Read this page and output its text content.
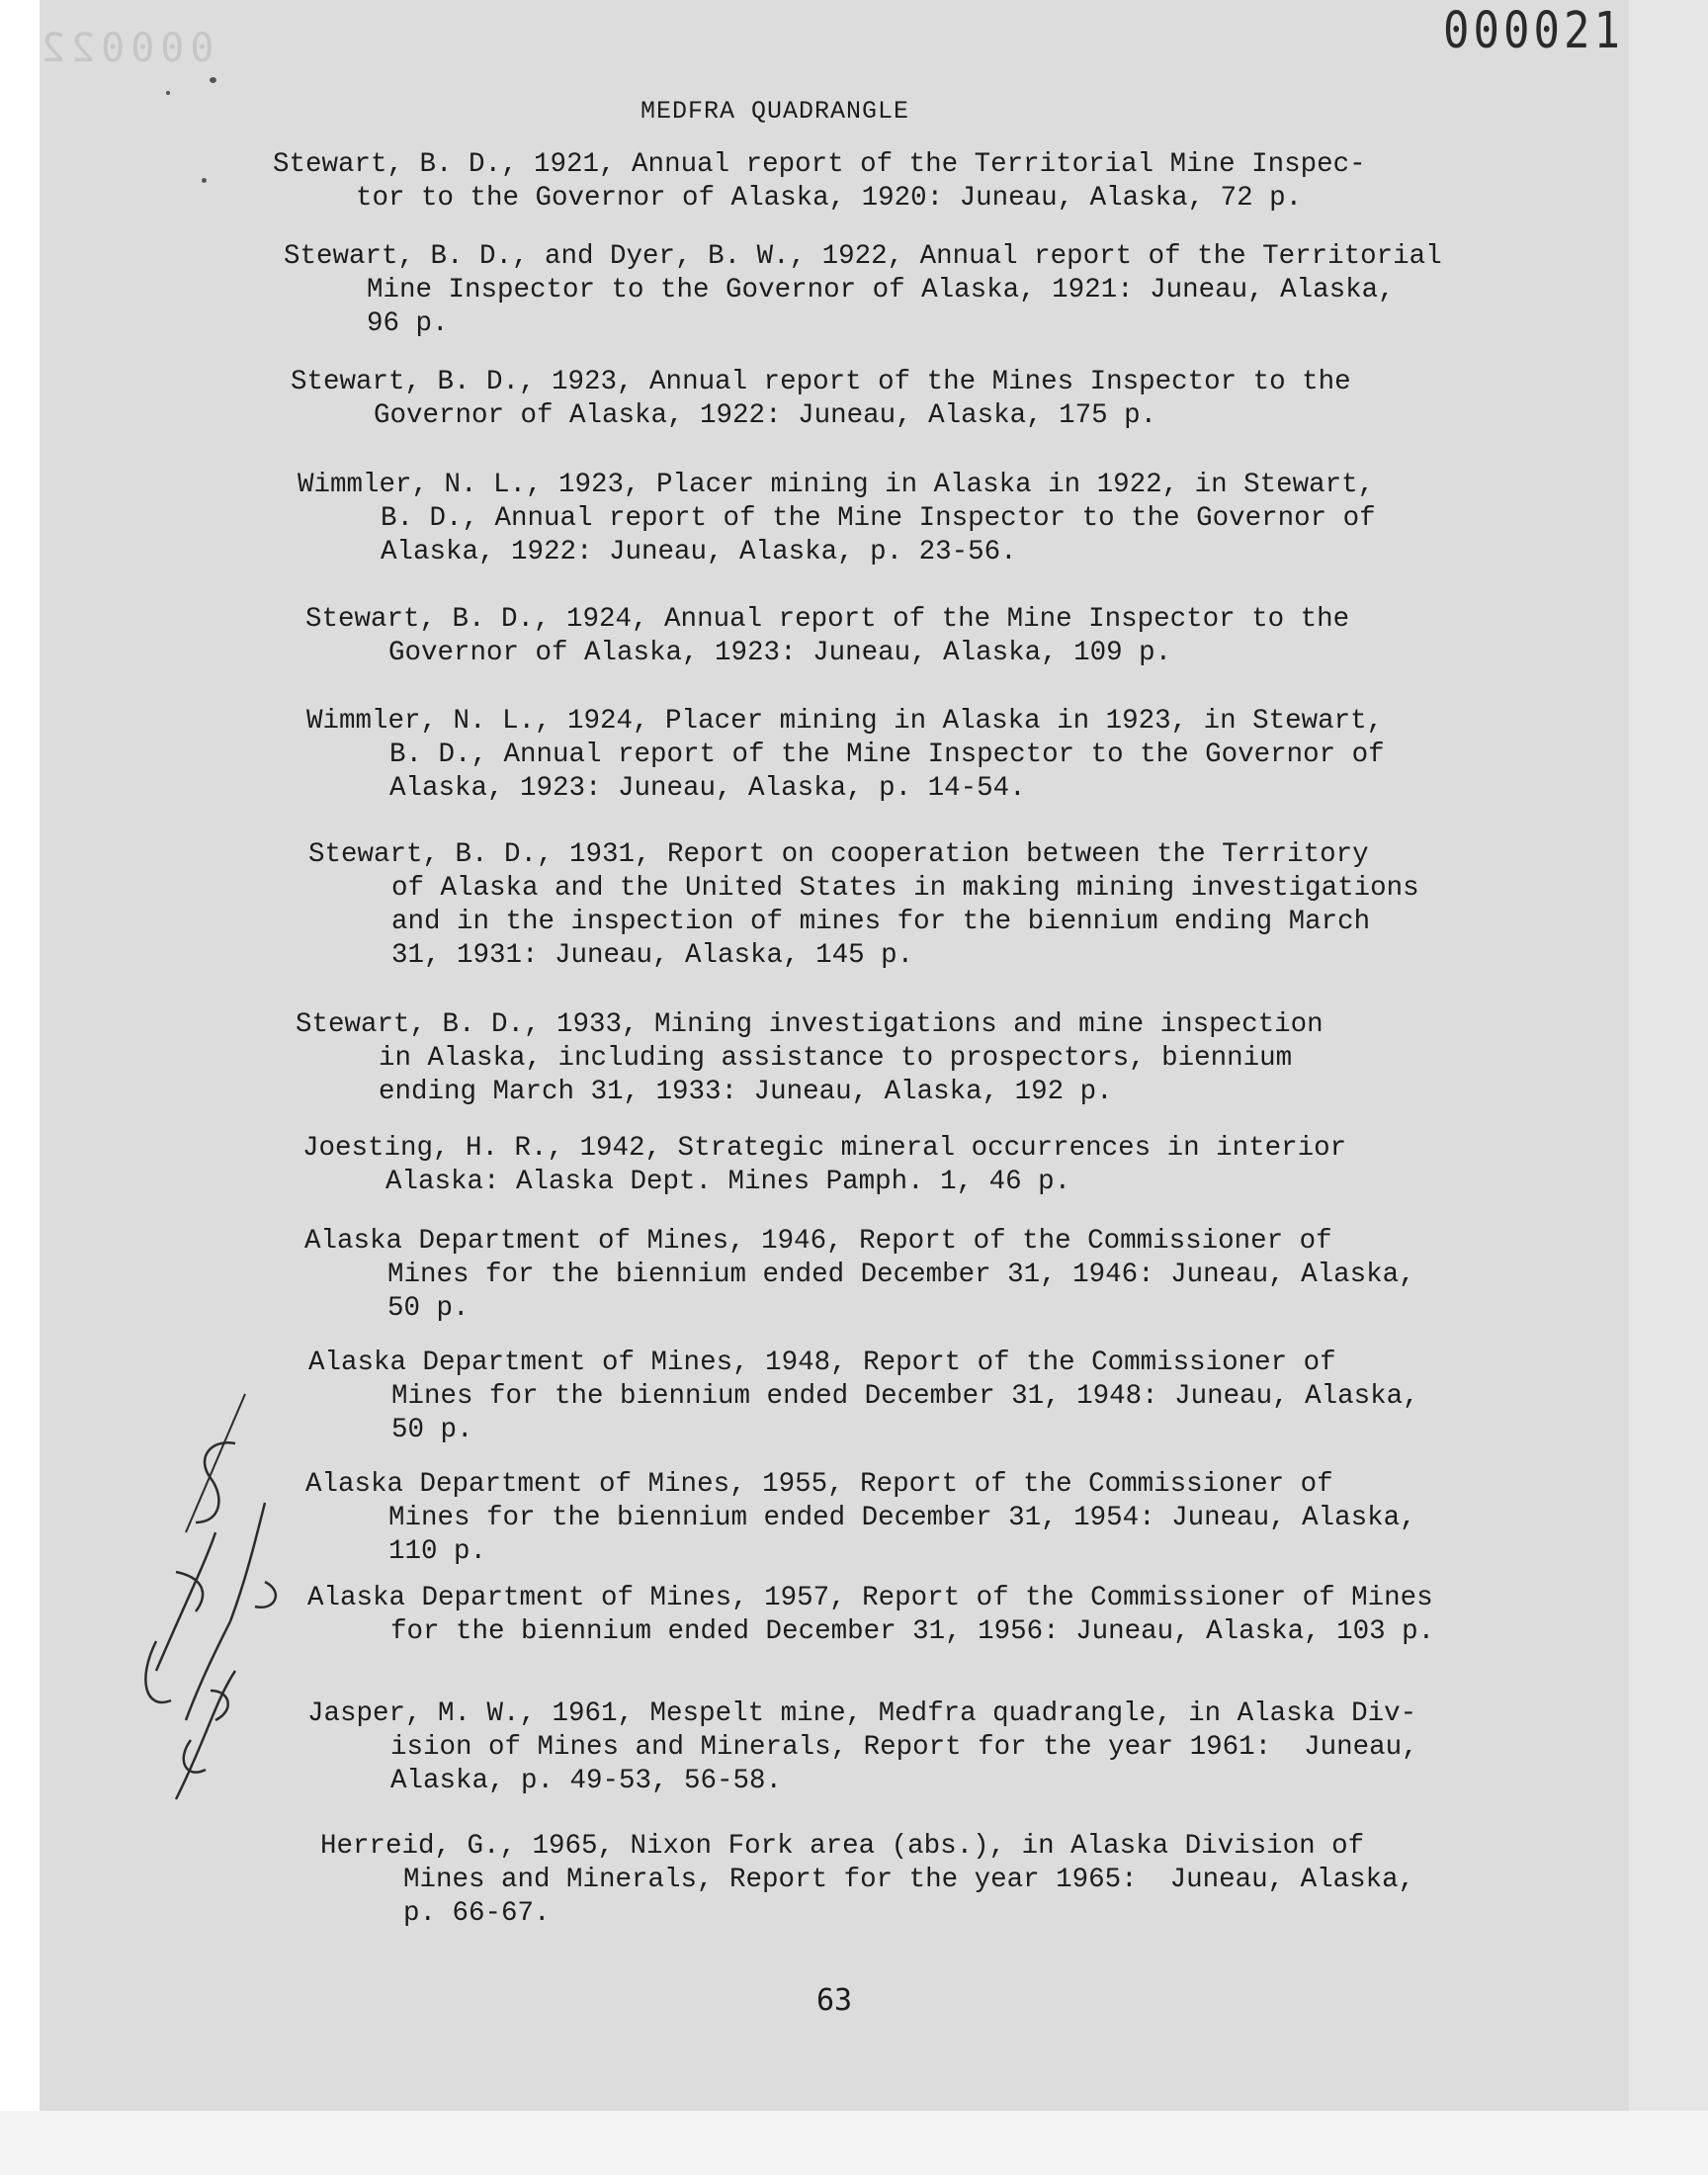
000022	000021
MEDFRA QUADRANGLE
Stewart, B. D., 1921, Annual report of the Territorial Mine Inspec-
tor to the Governor of Alaska, 1920: Juneau, Alaska, 72 p.
Stewart, B. D., and Dyer, B. W., 1922, Annual report of the Territorial
Mine Inspector to the Governor of Alaska, 1921: Juneau, Alaska,
96 p.
Stewart, B. D., 1923, Annual report of the Mines Inspector to the
Governor of Alaska, 1922: Juneau, Alaska, 175 p.
Wimmler, N. L., 1923, Placer mining in Alaska in 1922, in Stewart,
B. D., Annual report of the Mine Inspector to the Governor of
Alaska, 1922: Juneau, Alaska, p. 23-56.
Stewart, B. D., 1924, Annual report of the Mine Inspector to the
Governor of Alaska, 1923: Juneau, Alaska, 109 p.
Wimmler, N. L., 1924, Placer mining in Alaska in 1923, in Stewart,
B. D., Annual report of the Mine Inspector to the Governor of
Alaska, 1923: Juneau, Alaska, p. 14-54.
Stewart, B. D., 1931, Report on cooperation between the Territory
of Alaska and the United States in making mining investigations
and in the inspection of mines for the biennium ending March
31, 1931: Juneau, Alaska, 145 p.
Stewart, B. D., 1933, Mining investigations and mine inspection
in Alaska, including assistance to prospectors, biennium
ending March 31, 1933: Juneau, Alaska, 192 p.
Joesting, H. R., 1942, Strategic mineral occurrences in interior
Alaska: Alaska Dept. Mines Pamph. 1, 46 p.
Alaska Department of Mines, 1946, Report of the Commissioner of
Mines for the biennium ended December 31, 1946: Juneau, Alaska,
50 p.
Alaska Department of Mines, 1948, Report of the Commissioner of
Mines for the biennium ended December 31, 1948: Juneau, Alaska,
50 p.
Alaska Department of Mines, 1955, Report of the Commissioner of
Mines for the biennium ended December 31, 1954: Juneau, Alaska,
110 p.
Alaska Department of Mines, 1957, Report of the Commissioner of Mines
for the biennium ended December 31, 1956: Juneau, Alaska, 103 p.
Jasper, M. W., 1961, Mespelt mine, Medfra quadrangle, in Alaska Div-
ision of Mines and Minerals, Report for the year 1961:  Juneau,
Alaska, p. 49-53, 56-58.
Herreid, G., 1965, Nixon Fork area (abs.), in Alaska Division of
Mines and Minerals, Report for the year 1965:  Juneau, Alaska,
p. 66-67.
63
